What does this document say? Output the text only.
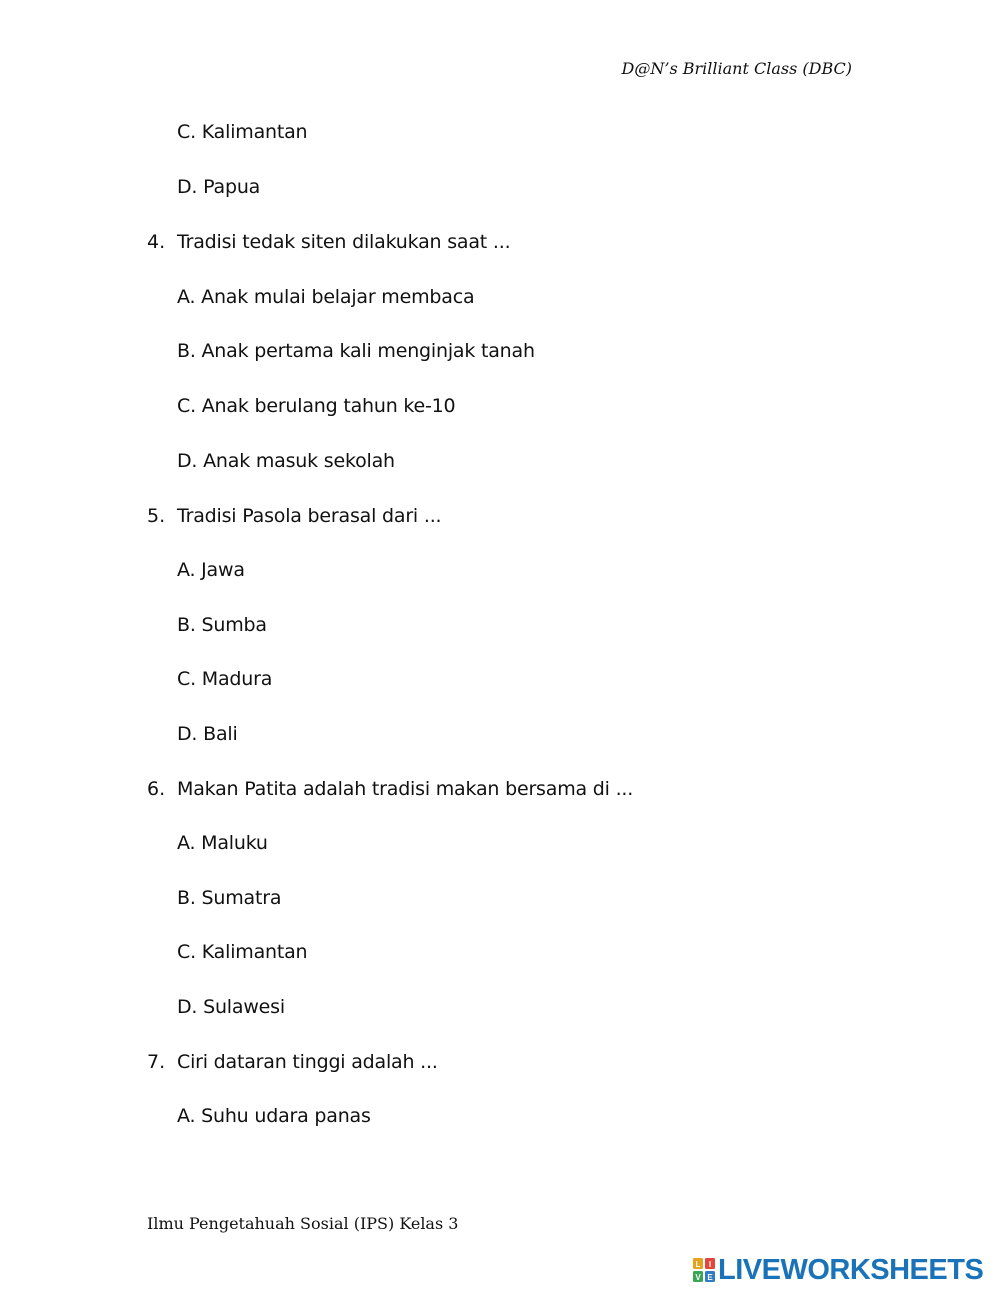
D@N’s Brilliant Class (DBC)
C. Kalimantan
D. Papua
4. Tradisi tedak siten dilakukan saat ...
A. Anak mulai belajar membaca
B. Anak pertama kali menginjak tanah
C. Anak berulang tahun ke-10
D. Anak masuk sekolah
5. Tradisi Pasola berasal dari ...
A. Jawa
B. Sumba
C. Madura
D. Bali
6. Makan Patita adalah tradisi makan bersama di ...
A. Maluku
B. Sumatra
C. Kalimantan
D. Sulawesi
7. Ciri dataran tinggi adalah ...
A. Suhu udara panas
Ilmu Pengetahuah Sosial (IPS) Kelas 3
L I
V E LIVEWORKSHEETS
